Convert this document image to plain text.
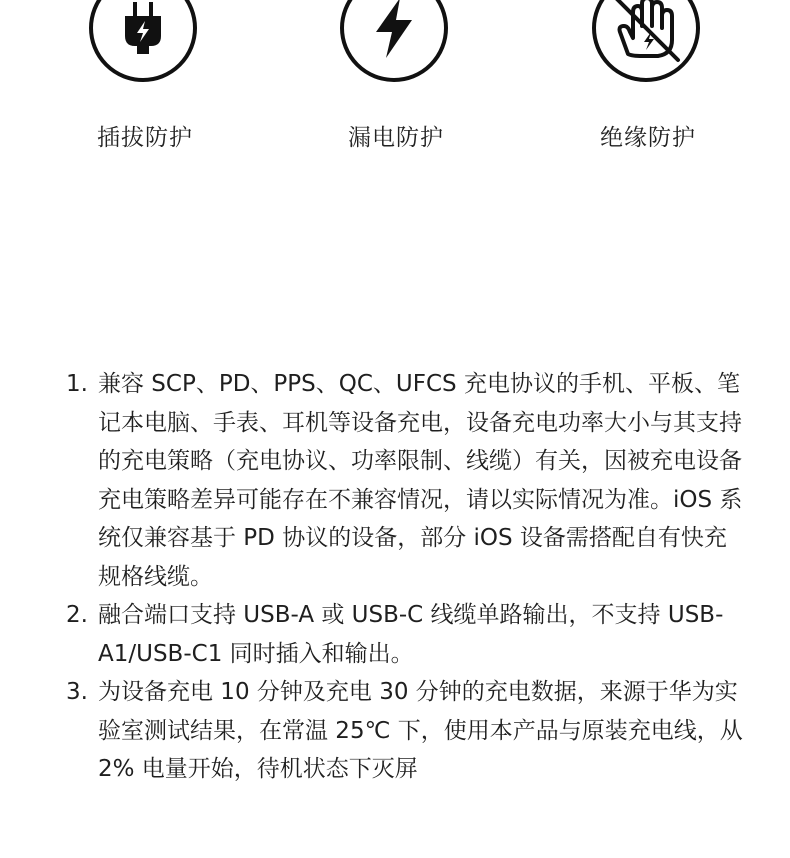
插拔防护	漏电防护	绝缘防护
1. 兼容 SCP、PD、PPS、QC、UFCS 充电协议的手机、平板、笔记本电脑、手表、耳机等设备充电，设备充电功率大小与其支持的充电策略（充电协议、功率限制、线缆）有关，因被充电设备充电策略差异可能存在不兼容情况，请以实际情况为准。iOS 系统仅兼容基于 PD 协议的设备，部分 iOS 设备需搭配自有快充规格线缆。
2. 融合端口支持 USB-A 或 USB-C 线缆单路输出，不支持 USB-A1/USB-C1 同时插入和输出。
3. 为设备充电 10 分钟及充电 30 分钟的充电数据，来源于华为实验室测试结果，在常温 25℃ 下，使用本产品与原装充电线，从 2% 电量开始，待机状态下灭屏
